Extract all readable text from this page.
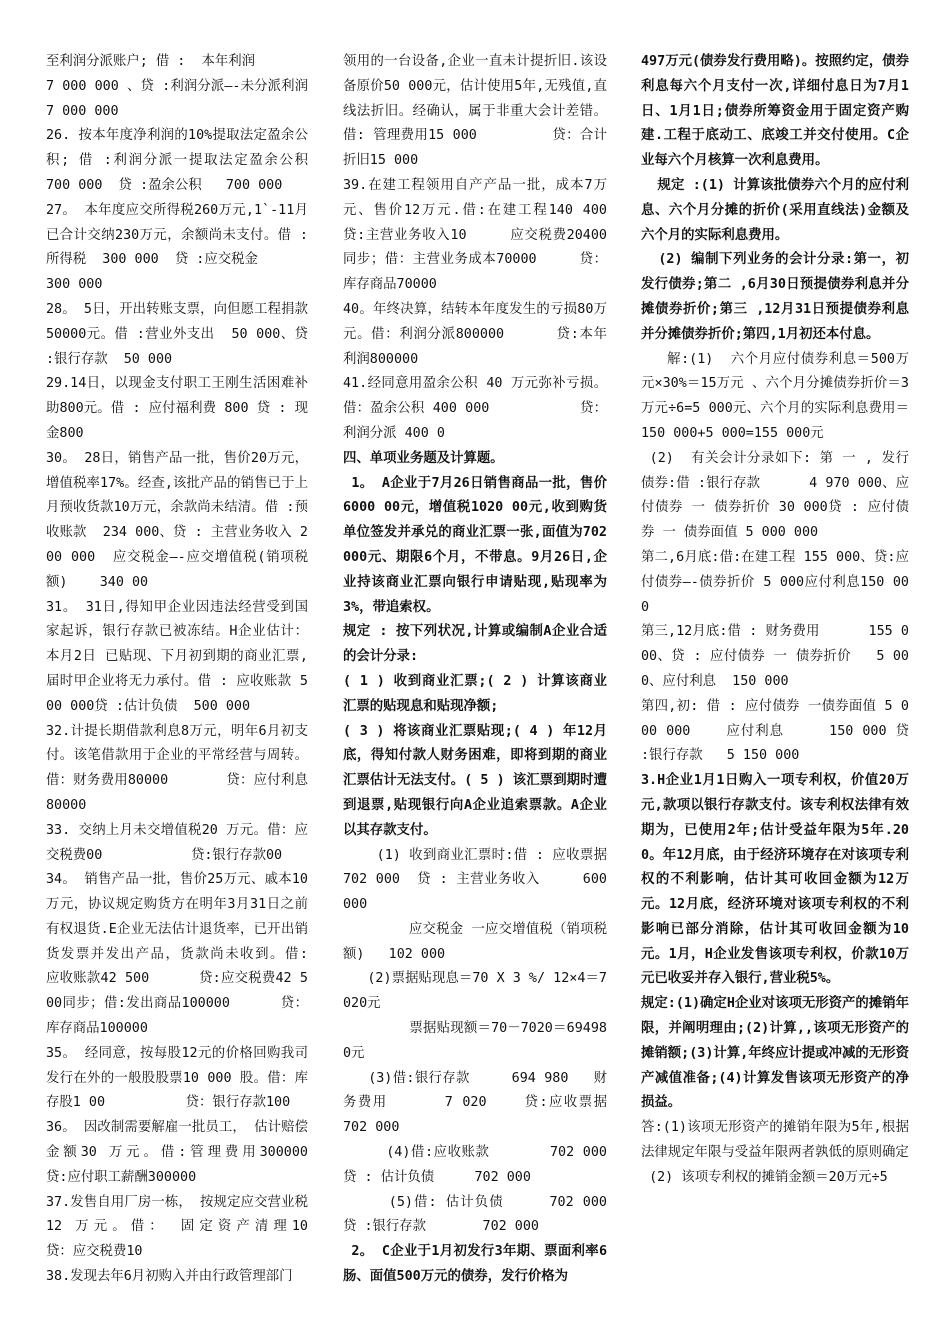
至利润分派账户; 借 :  本年利润

7 000 000 、贷 :利润分派—-未分派利润   7 000 000

26. 按本年度净利润的10%提取法定盈余公积; 借 :利润分派一提取法定盈余公积   700 000  贷 :盈余公积   700 000

27。 本年度应交所得税260万元,1`-11月已合计交纳230万元，余额尚未支付。借 : 所得税  300 000  贷 :应交税金

300 000

28。 5日，开出转账支票，向但愿工程捐款50000元。借 :营业外支出  50 000、贷 :银行存款  50 000

29.14日，以现金支付职工王刚生活困难补助800元。借 : 应付福利费 800 贷 : 现金800

30。 28日，销售产品一批，售价20万元，增值税率17%。经查,该批产品的销售已于上月预收货款10万元，余款尚未结清。借 :预收账款  234 000、贷 : 主营业务收入 200 000  应交税金—-应交增值税(销项税额)    340 00

31。 31日,得知甲企业因违法经营受到国家起诉，银行存款已被冻结。H企业估计：本月2日 已贴现、下月初到期的商业汇票,届时甲企业将无力承付。借 : 应收账款 500 000贷 :估计负债  500 000

32.计提长期借款利息8万元，明年6月初支付。该笔借款用于企业的平常经营与周转。借：财务费用80000       贷：应付利息80000

33. 交纳上月未交增值税20 万元。借：应交税费00           贷:银行存款00

34。 销售产品一批，售价25万元、戚本10万元，协议规定购货方在明年3月31日之前有权退货.E企业无法估计退货率，已开出销货发票并发出产品，货款尚未收到。借:  应收账款42 500      贷:应交税费42 500同步；借:发出商品100000      贷：库存商品100000

35。 经同意，按每股12元的价格回购我司发行在外的一般股股票10 000 股。借：库存股1 00          贷：银行存款100

36。 因改制需要解雇一批员工， 估计赔偿金额30 万元。借:管理费用300000    贷:应付职工薪酬300000

37.发售自用厂房一栋， 按规定应交营业税12 万元。借： 固定资产清理10     贷：应交税费10

38.发现去年6月初购入并由行政管理部门

领用的一台设备,企业一直未计提折旧.该设备原价50 000元，估计使用5年,无残值,直线法折旧。经确认，属于非重大会计差错。借: 管理费用15 000         贷：合计折旧15 000

39.在建工程领用自产产品一批，成本7万元、售价12万元.借:在建工程140 400 贷:主营业务收入10     应交税费20400同步；借：主营业务成本70000     贷：库存商品70000

40。年终决算，结转本年度发生的亏损80万元。借：利润分派800000      贷:本年利润800000

41.经同意用盈余公积 40 万元弥补亏损。借：盈余公积 400 000           贷：利润分派 400 0

四、单项业务题及计算题。

1。 A企业于7月26日销售商品一批，售价6000 00元，增值税1020 00元,收到购货单位签发并承兑的商业汇票一张,面值为702 000元、期限6个月，不带息。9月26日,企业持该商业汇票向银行申请贴现,贴现率为3%，带追索权。

规定 : 按下列状况,计算或编制A企业合适的会计分录:

( 1 ) 收到商业汇票;( 2 ) 计算该商业汇票的贴现息和贴现净额;

( 3 ) 将该商业汇票贴现;( 4 ) 年12月底，得知付款人财务困难，即将到期的商业汇票估计无法支付。( 5 ) 该汇票到期时遭到退票,贴现银行向A企业追索票款。A企业以其存款支付。

(1) 收到商业汇票时:借 : 应收票据     702 000  贷 : 主营业务收入     600 000

应交税金 一应交增值税（销项税额)   102 000

(2)票据贴现息＝70 X 3 %/ 12×4＝7020元

票据贴现额＝70－7020＝694980元

(3)借:银行存款     694 980   财务费用      7 020    贷:应收票据    702 000

(4)借:应收账款       702 000  贷 : 估计负债     702 000

(5)借: 估计负债     702 000  贷 :银行存款       702 000

2。 C企业于1月初发行3年期、票面利率6肠、面值500万元的债券，发行价格为

497万元(债券发行费用略)。按照约定，债券利息每六个月支付一次,详细付息日为7月1日、1月1日;债券所筹资金用于固定资产购建.工程于底动工、底竣工并交付使用。C企业每六个月核算一次利息费用。

规定 :(1) 计算该批债券六个月的应付利息、六个月分摊的折价(采用直线法)金额及六个月的实际利息费用。

(2) 编制下列业务的会计分录:第一，初发行债券;第二 ,6月30日预提债券利息并分摊债券折价;第三 ,12月31日预提债券利息并分摊债券折价;第四,1月初还本付息。

解:(1)  六个月应付债券利息＝500万元×30%＝15万元 、六个月分摊债券折价＝3万元÷6=5 000元、六个月的实际利息费用＝150 000+5 000=155 000元

(2)  有关会计分录如下: 第 一 , 发行债券:借 :银行存款      4 970 000、应付债券 一 债券折价 30 000贷 : 应付债券 一 债券面值 5 000 000

第二,6月底:借:在建工程 155 000、贷:应付债券—-债券折价 5 000应付利息150 000

第三,12月底:借 : 财务费用      155 000、贷 : 应付债券 一 债券折价   5 000、应付利息  150 000

第四,初: 借 : 应付债券 一债券面值 5 000 000    应付利息     150 000 贷 :银行存款   5 150 000

3.H企业1月1日购入一项专利权，价值20万元,款项以银行存款支付。该专利权法律有效期为，已使用2年;估计受益年限为5年.200。年12月底，由于经济环境存在对该项专利权的不利影响，估计其可收回金额为12万元。12月底，经济环境对该项专利权的不利影响已部分消除，估计其可收回金额为10元。1月，H企业发售该项专利权，价款10万元已收妥并存入银行,营业税5%。

规定:(1)确定H企业对该项无形资产的摊销年限，并阐明理由;(2)计算,,该项无形资产的摊销额;(3)计算,年终应计提或冲减的无形资产减值准备;(4)计算发售该项无形资产的净损益。

答:(1)该项无形资产的摊销年限为5年,根据法律规定年限与受益年限两者孰低的原则确定

(2) 该项专利权的摊销金额＝20万元÷5
